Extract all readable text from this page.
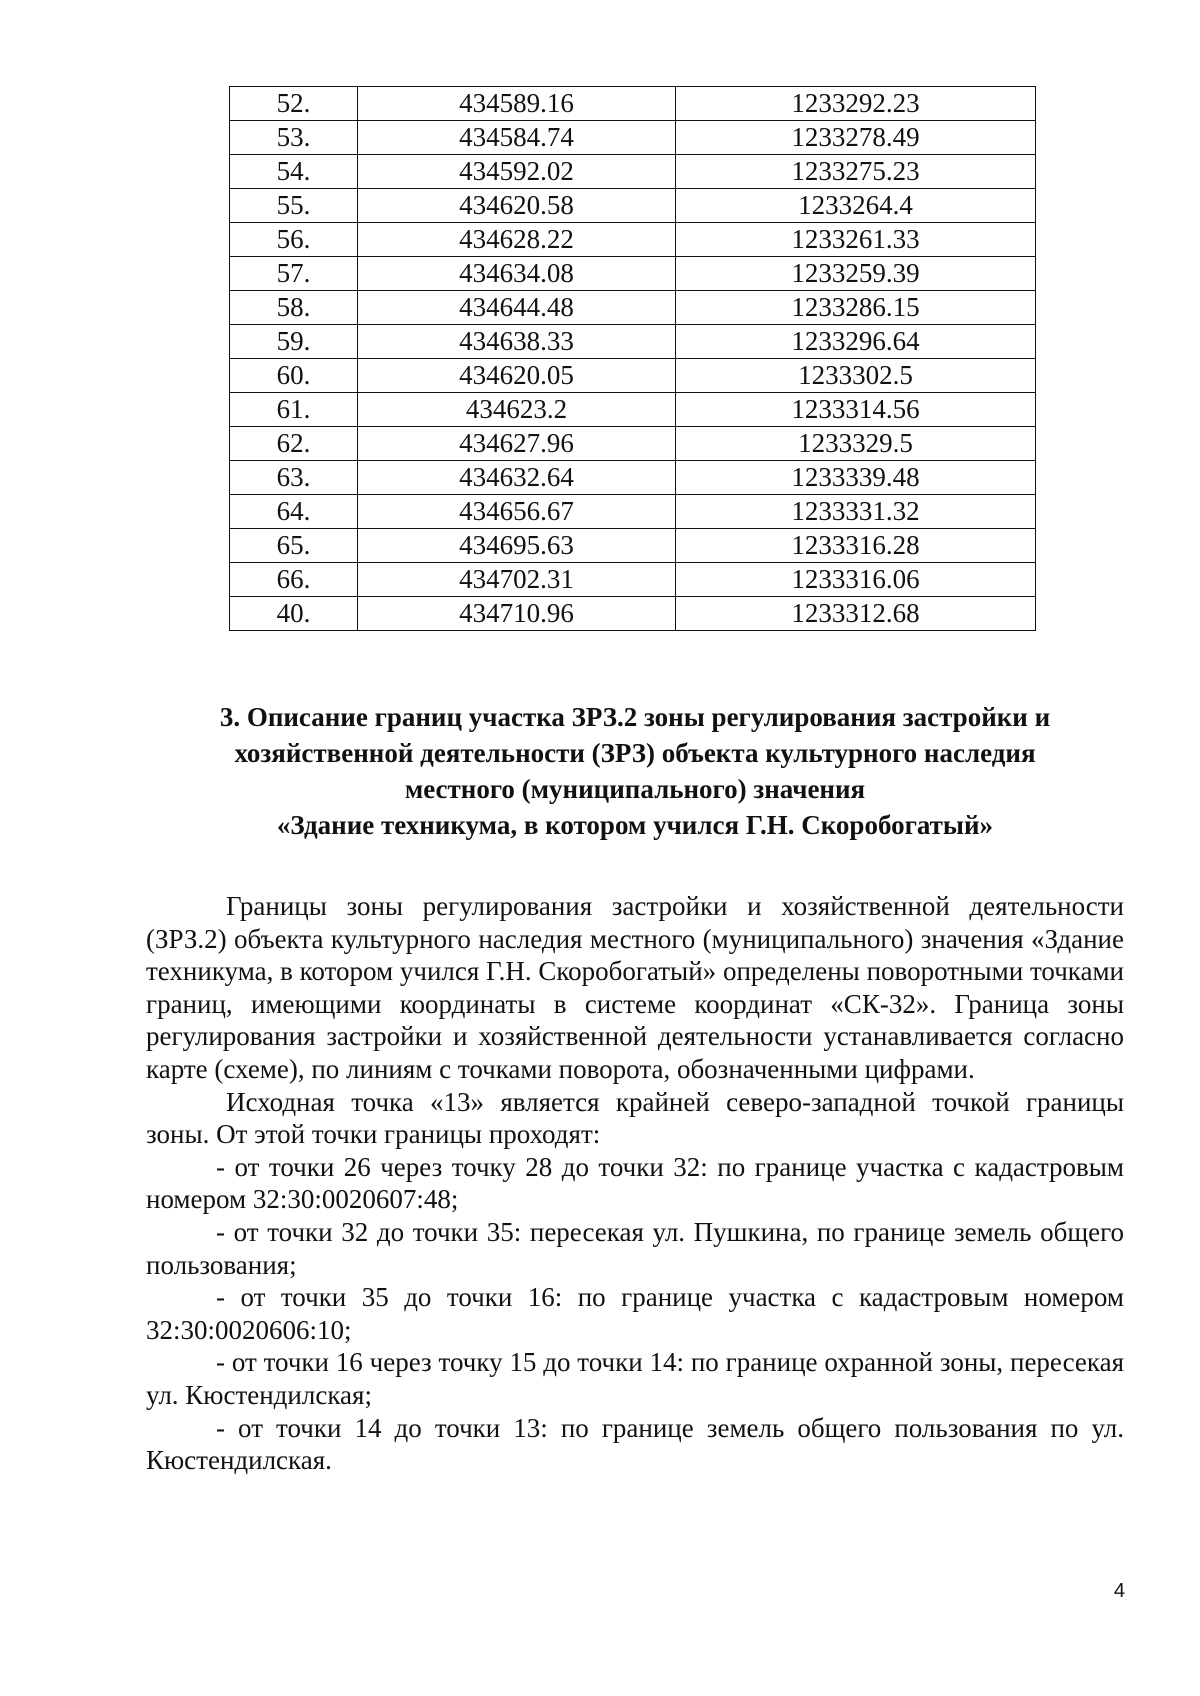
52.	434589.16	1233292.23
53.	434584.74	1233278.49
54.	434592.02	1233275.23
55.	434620.58	1233264.4
56.	434628.22	1233261.33
57.	434634.08	1233259.39
58.	434644.48	1233286.15
59.	434638.33	1233296.64
60.	434620.05	1233302.5
61.	434623.2	1233314.56
62.	434627.96	1233329.5
63.	434632.64	1233339.48
64.	434656.67	1233331.32
65.	434695.63	1233316.28
66.	434702.31	1233316.06
40.	434710.96	1233312.68
3. Описание границ участка ЗРЗ.2 зоны регулирования застройки и
хозяйственной деятельности (ЗРЗ) объекта культурного наследия
местного (муниципального) значения
«Здание техникума, в котором учился Г.Н. Скоробогатый»

Границы зоны регулирования застройки и хозяйственной деятельности (ЗРЗ.2) объекта культурного наследия местного (муниципального) значения «Здание техникума, в котором учился Г.Н. Скоробогатый» определены поворотными точками границ, имеющими координаты в системе координат «СК-32». Граница зоны регулирования застройки и хозяйственной деятельности устанавливается согласно карте (схеме), по линиям с точками поворота, обозначенными цифрами.

Исходная точка «13» является крайней северо-западной точкой границы зоны. От этой точки границы проходят:

- от точки 26 через точку 28 до точки 32: по границе участка с кадастровым номером 32:30:0020607:48;

- от точки 32 до точки 35: пересекая ул. Пушкина, по границе земель общего пользования;

- от точки 35 до точки 16: по границе участка с кадастровым номером 32:30:0020606:10;

- от точки 16 через точку 15 до точки 14: по границе охранной зоны, пересекая ул. Кюстендилская;

- от точки 14 до точки 13: по границе земель общего пользования по ул. Кюстендилская.

4
